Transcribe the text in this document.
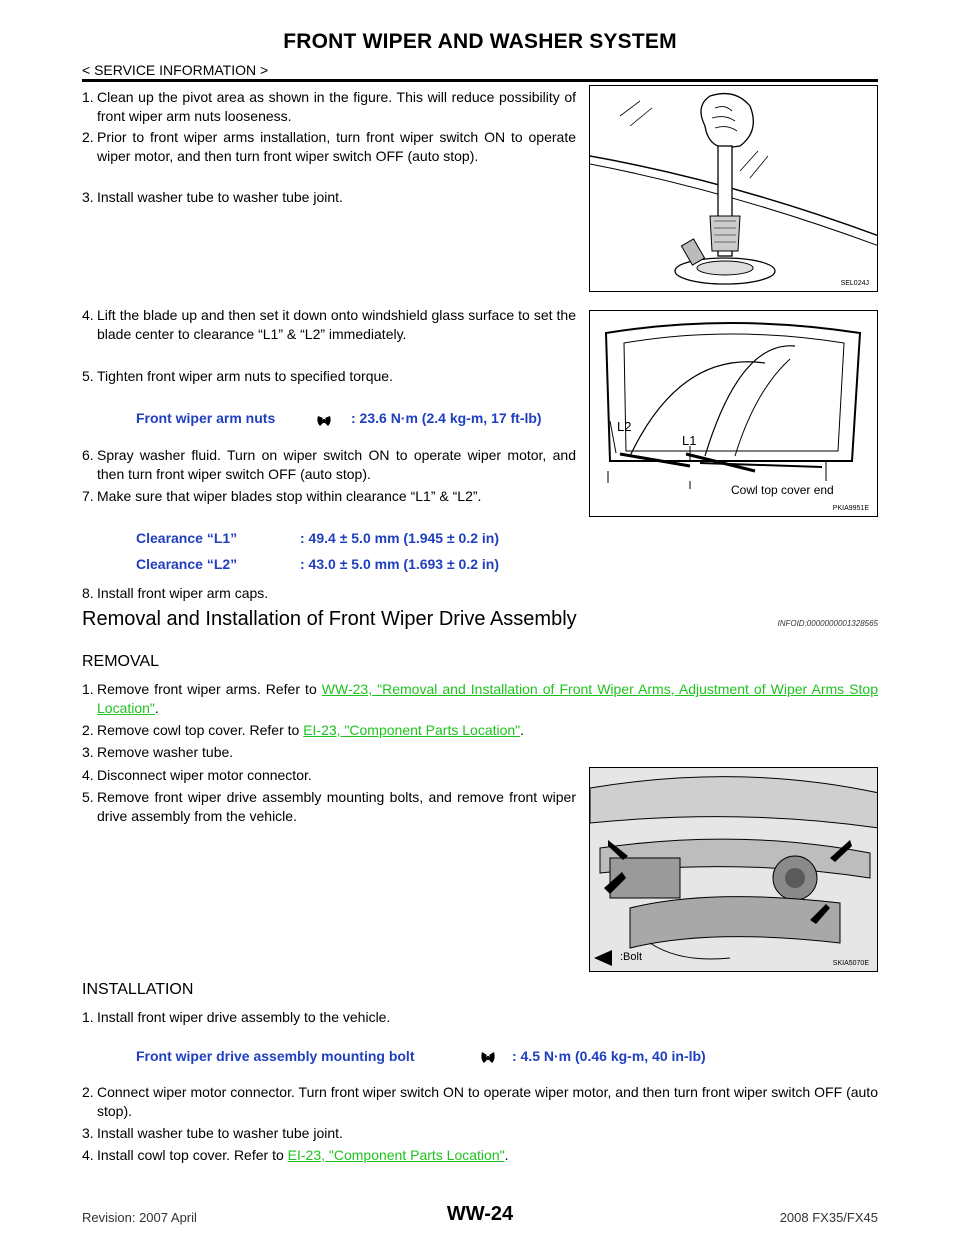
FRONT WIPER AND WASHER SYSTEM
< SERVICE INFORMATION >
1. Clean up the pivot area as shown in the figure. This will reduce possibility of front wiper arm nuts looseness.
2. Prior to front wiper arms installation, turn front wiper switch ON to operate wiper motor, and then turn front wiper switch OFF (auto stop).
3. Install washer tube to washer tube joint.
SEL024J
4. Lift the blade up and then set it down onto windshield glass surface to set the blade center to clearance “L1” & “L2” immediately.
5. Tighten front wiper arm nuts to specified torque.
Front wiper arm nuts	: 23.6 N·m (2.4 kg-m, 17 ft-lb)
L2
L1
Cowl top cover end
PKIA9951E
6. Spray washer fluid. Turn on wiper switch ON to operate wiper motor, and then turn front wiper switch OFF (auto stop).
7. Make sure that wiper blades stop within clearance “L1” & “L2”.
Clearance “L1”	: 49.4 ± 5.0 mm (1.945 ± 0.2 in)
Clearance “L2”	: 43.0 ± 5.0 mm (1.693 ± 0.2 in)
8. Install front wiper arm caps.
Removal and Installation of Front Wiper Drive Assembly	INFOID:0000000001328565
REMOVAL
1. Remove front wiper arms. Refer to WW-23, "Removal and Installation of Front Wiper Arms, Adjustment of Wiper Arms Stop Location".
2. Remove cowl top cover. Refer to EI-23, "Component Parts Location".
3. Remove washer tube.
4. Disconnect wiper motor connector.
5. Remove front wiper drive assembly mounting bolts, and remove front wiper drive assembly from the vehicle.
:Bolt
SKIA5070E
INSTALLATION
1. Install front wiper drive assembly to the vehicle.
Front wiper drive assembly mounting bolt	: 4.5 N·m (0.46 kg-m, 40 in-lb)
2. Connect wiper motor connector. Turn front wiper switch ON to operate wiper motor, and then turn front wiper switch OFF (auto stop).
3. Install washer tube to washer tube joint.
4. Install cowl top cover. Refer to EI-23, "Component Parts Location".
Revision: 2007 April	WW-24	2008 FX35/FX45
